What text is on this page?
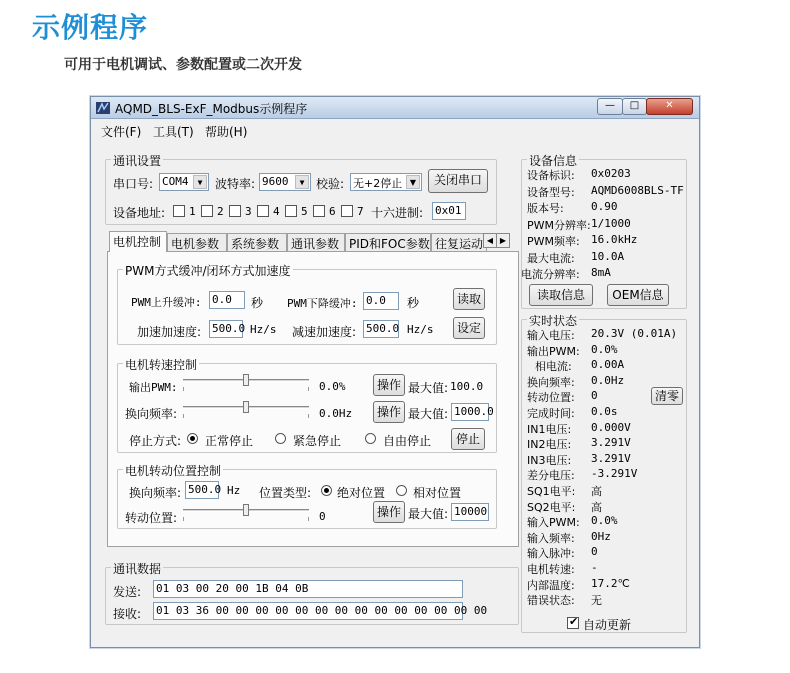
示例程序
可用于电机调试、参数配置或二次开发
AQMD_BLS-ExF_Modbus示例程序	—	□	✕
文件(F) 工具(T) 帮助(H)
通讯设置
串口号: COM4	▼	波特率: 9600	▼ 校验: 无+2停止 ▼	关闭串口
设备地址:	十六进制: 0x01
电机控制 电机参数 系统参数 通讯参数 PID和FOC参数 往复运动 ◀ ▶
PWM方式缓冲/闭环方式加速度
PWM上升缓冲: 0.0	秒 PWM下降缓冲: 0.0	秒	读取
加速加速度: 500.0 Hz/s 减速加速度: 500.0 Hz/s	设定
电机转速控制
输出PWM:	0.0%	操作 最大值: 100.0
换向频率:	0.0Hz	操作 最大值: 1000.0
停止方式: 正常停止	紧急停止	自由停止	停止
电机转动位置控制
换向频率: 500.0 Hz 位置类型: 绝对位置 相对位置
转动位置:	0	操作 最大值: 10000
通讯数据
发送: 01 03 00 20 00 1B 04 0B
接收: 01 03 36 00 00 00 00 00 00 00 00 00 00 00 00 00 00
设备信息
读取信息	OEM信息
实时状态
清零
✔
自动更新
1 2 3 4 5 6 7
设备标识: 0x0203
设备型号: AQMD6008BLS-TF
版本号: 0.90
PWM分辨率: 1/1000
PWM频率: 16.0kHz
最大电流: 10.0A
电流分辨率: 8mA
输入电压: 20.3V (0.01A)
输出PWM: 0.0%
相电流: 0.00A
换向频率: 0.0Hz
转动位置: 0
完成时间: 0.0s
IN1电压: 0.000V
IN2电压: 3.291V
IN3电压: 3.291V
差分电压: -3.291V
SQ1电平: 高
SQ2电平: 高
输入PWM: 0.0%
输入频率: 0Hz
输入脉冲: 0
电机转速: -
内部温度: 17.2℃
错误状态: 无
